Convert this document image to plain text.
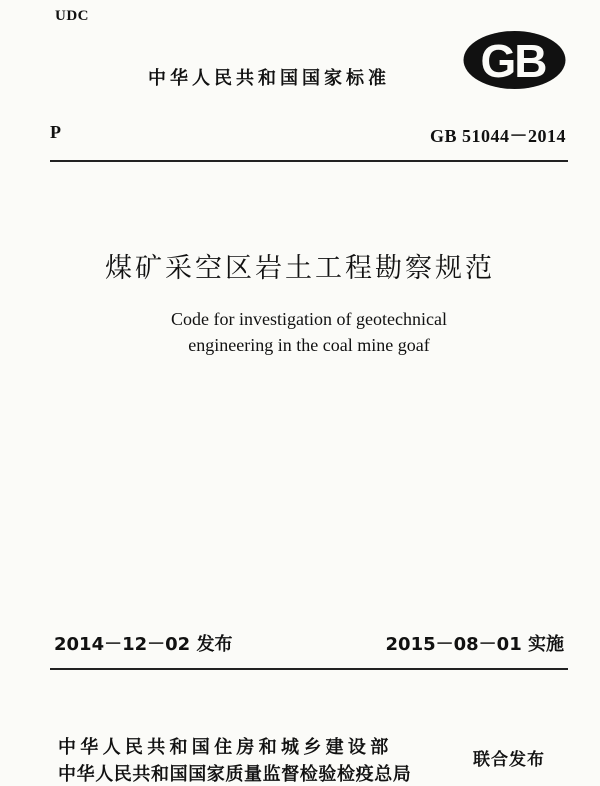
UDC
中华人民共和国国家标准 GB
P	GB 51044－2014
煤矿采空区岩土工程勘察规范
Code for investigation of geotechnical
engineering in the coal mine goaf
2014－12－02 发布	2015－08－01 实施
中华人民共和国住房和城乡建设部
中华人民共和国国家质量监督检验检疫总局
联合发布
